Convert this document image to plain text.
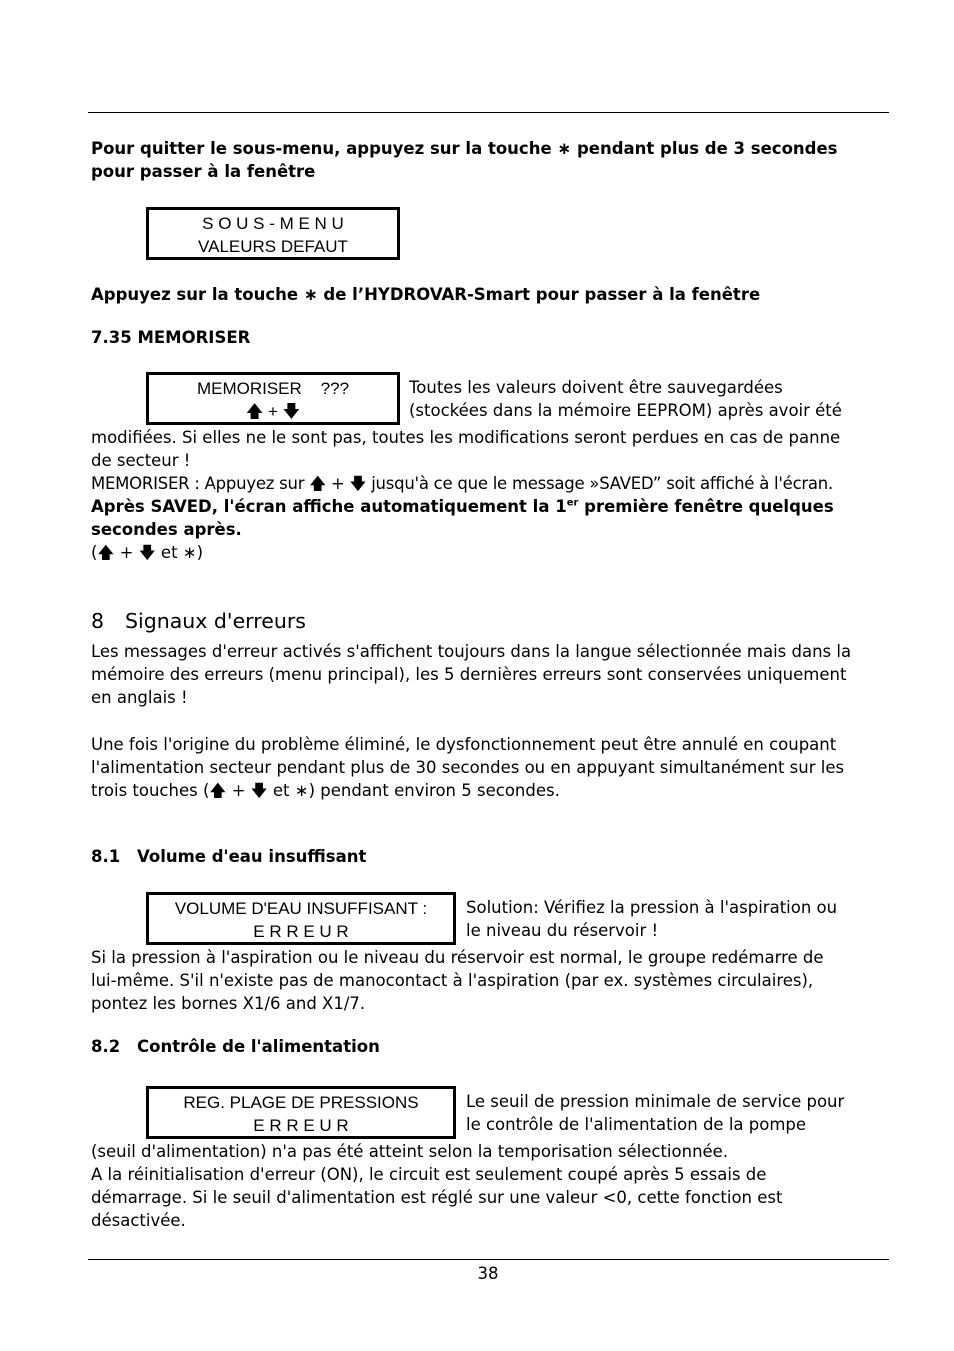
Pour quitter le sous-menu, appuyez sur la touche ∗ pendant plus de 3 secondes
pour passer à la fenêtre

S O U S - M E N U
VALEURS DEFAUT

Appuyez sur la touche ∗ de l’HYDROVAR-Smart pour passer à la fenêtre

7.35 MEMORISER
MEMORISER    ???
🡅 + 🡇
Toutes les valeurs doivent être sauvegardées
(stockées dans la mémoire EEPROM) après avoir été

modifiées. Si elles ne le sont pas, toutes les modifications seront perdues en cas de panne
de secteur !
MEMORISER : Appuyez sur 🡅 + 🡇 jusqu'à ce que le message »SAVED” soit affiché à l'écran.
Après SAVED, l'écran affiche automatiquement la 1er première fenêtre quelques
secondes après.
(🡅 + 🡇 et ∗)

8 Signaux d'erreurs

Les messages d'erreur activés s'affichent toujours dans la langue sélectionnée mais dans la
mémoire des erreurs (menu principal), les 5 dernières erreurs sont conservées uniquement
en anglais !

Une fois l'origine du problème éliminé, le dysfonctionnement peut être annulé en coupant
l'alimentation secteur pendant plus de 30 secondes ou en appuyant simultanément sur les
trois touches (🡅 + 🡇 et ∗) pendant environ 5 secondes.

8.1 Volume d'eau insuffisant
VOLUME D'EAU INSUFFISANT :
E R R E U R
Solution: Vérifiez la pression à l'aspiration ou
le niveau du réservoir !

Si la pression à l'aspiration ou le niveau du réservoir est normal, le groupe redémarre de
lui-même. S'il n'existe pas de manocontact à l'aspiration (par ex. systèmes circulaires),
pontez les bornes X1/6 and X1/7.

8.2 Contrôle de l'alimentation
REG. PLAGE DE PRESSIONS
E R R E U R
Le seuil de pression minimale de service pour
le contrôle de l'alimentation de la pompe

(seuil d'alimentation) n'a pas été atteint selon la temporisation sélectionnée.
A la réinitialisation d'erreur (ON), le circuit est seulement coupé après 5 essais de
démarrage. Si le seuil d'alimentation est réglé sur une valeur <0, cette fonction est
désactivée.

38
